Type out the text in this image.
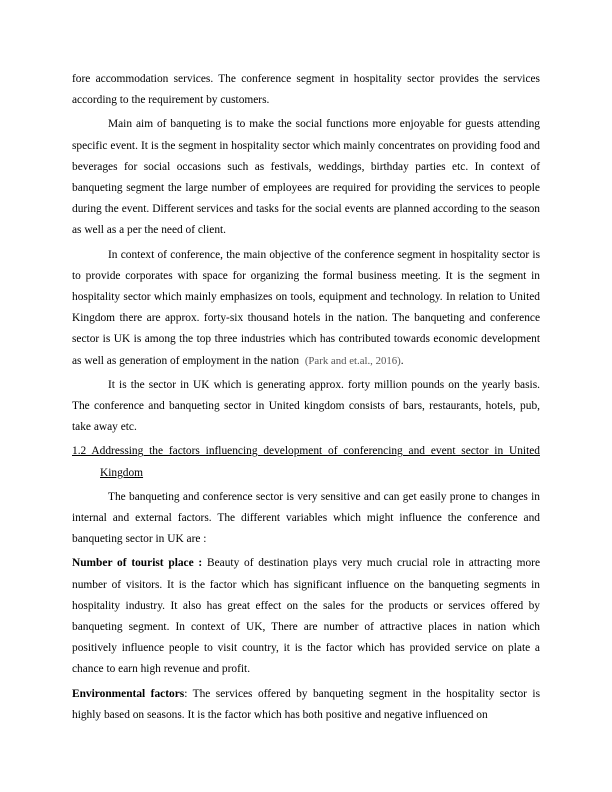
fore accommodation services. The conference segment in hospitality sector provides the services according to the requirement by customers.

Main aim of banqueting is to make the social functions more enjoyable for guests attending specific event. It is the segment in hospitality sector which mainly concentrates on providing food and beverages for social occasions such as festivals, weddings, birthday parties etc. In context of banqueting segment the large number of employees are required for providing the services to people during the event. Different services and tasks for the social events are planned according to the season as well as a per the need of client.

In context of conference, the main objective of the conference segment in hospitality sector is to provide corporates with space for organizing the formal business meeting. It is the segment in hospitality sector which mainly emphasizes on tools, equipment and technology. In relation to United Kingdom there are approx. forty-six thousand hotels in the nation. The banqueting and conference sector is UK is among the top three industries which has contributed towards economic development as well as generation of employment in the nation (Park and et.al., 2016).

It is the sector in UK which is generating approx. forty million pounds on the yearly basis. The conference and banqueting sector in United kingdom consists of bars, restaurants, hotels, pub, take away etc.

1.2 Addressing the factors influencing development of conferencing and event sector in United Kingdom

The banqueting and conference sector is very sensitive and can get easily prone to changes in internal and external factors. The different variables which might influence the conference and banqueting sector in UK are :

Number of tourist place : Beauty of destination plays very much crucial role in attracting more number of visitors. It is the factor which has significant influence on the banqueting segments in hospitality industry. It also has great effect on the sales for the products or services offered by banqueting segment. In context of UK, There are number of attractive places in nation which positively influence people to visit country, it is the factor which has provided service on plate a chance to earn high revenue and profit.

Environmental factors: The services offered by banqueting segment in the hospitality sector is highly based on seasons. It is the factor which has both positive and negative influenced on
